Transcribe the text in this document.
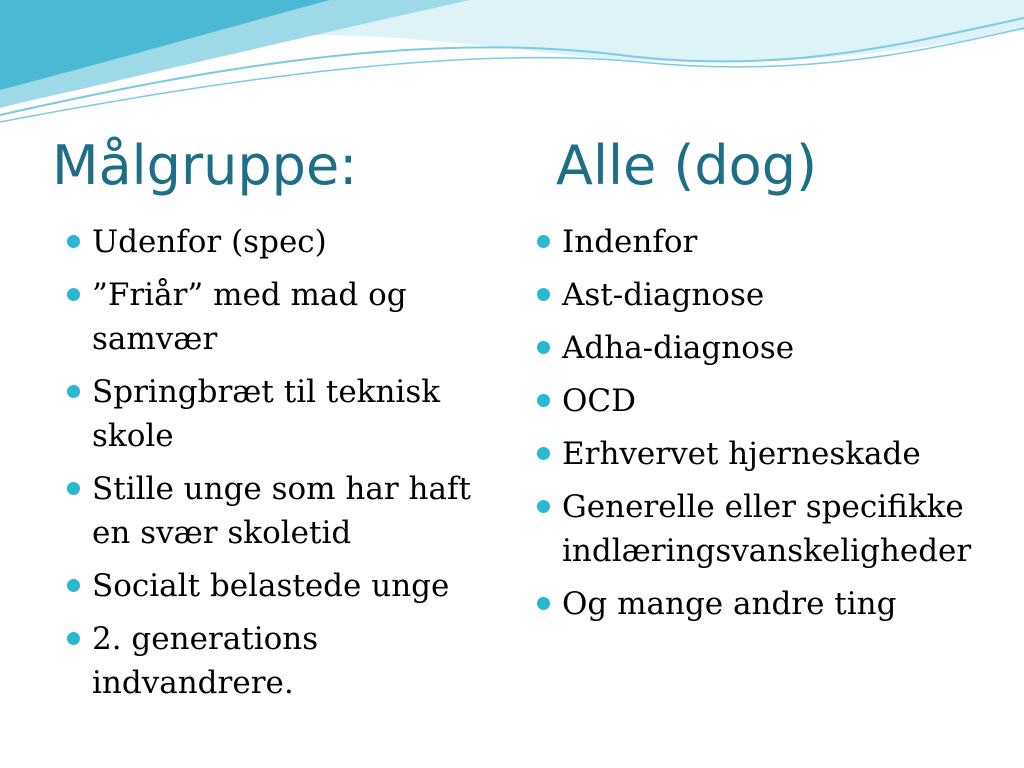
Målgruppe:	Alle (dog)
Udenfor (spec)
”Friår” med mad og samvær
Springbræt til teknisk skole
Stille unge som har haft en svær skoletid
Socialt belastede unge
2. generations indvandrere.
Indenfor
Ast-diagnose
Adha-diagnose
OCD
Erhvervet hjerneskade
Generelle eller specifikke indlæringsvanskeligheder
Og mange andre ting
